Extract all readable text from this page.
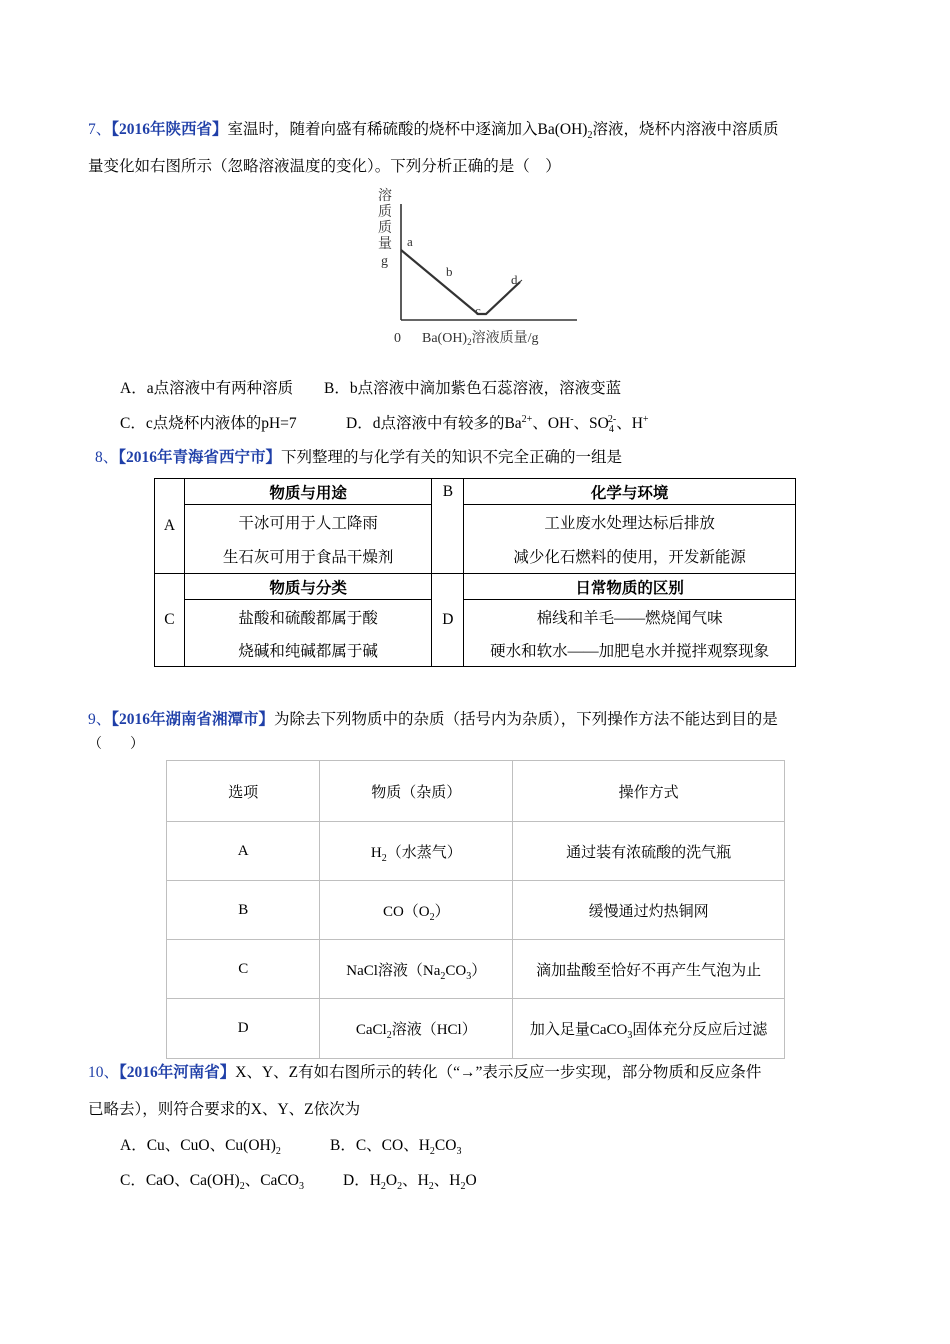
7、【2016年陕西省】室温时，随着向盛有稀硫酸的烧杯中逐滴加入$Ba(OH)_2$溶液，烧杯内溶液中溶质质
量变化如右图所示（忽略溶液温度的变化）。下列分析正确的是（　）
溶
质
质
量
g
a
b
c
d
0 $Ba(OH)_2$溶液质量/g
A．a点溶液中有两种溶质 B．b点溶液中滴加紫色石蕊溶液，溶液变蓝
C．c点烧杯内液体的pH=7	D．d点溶液中有较多的$Ba^{2+}$、OH-、$SO_4^{2-}$、H+
8、【2016年青海省西宁市】下列整理的与化学有关的知识不完全正确的一组是
A	物质与用途	B	化学与环境
	干冰可用于人工降雨		工业废水处理达标后排放
	生石灰可用于食品干燥剂		减少化石燃料的使用，开发新能源
C	物质与分类	D	日常物质的区别
	盐酸和硫酸都属于酸		棉线和羊毛——燃烧闻气味
	烧碱和纯碱都属于碱		硬水和软水——加肥皂水并搅拌观察现象
9、【2016年湖南省湘潭市】为除去下列物质中的杂质（括号内为杂质），下列操作方法不能达到目的是
（　　）
选项	物质（杂质）	操作方式
A	$H_2$（水蒸气）	通过装有浓硫酸的洗气瓶
B	$CO(O_2)$	缓慢通过灼热铜网
C	NaCl溶液$(Na_2CO_3)$	滴加盐酸至恰好不再产生气泡为止
D	CaCl$_2$溶液（HCl）	加入足量CaCO$_3$固体充分反应后过滤
10、【2016年河南省】X、Y、Z有如右图所示的转化（“→”表示反应一步实现，部分物质和反应条件
已略去），则符合要求的X、Y、Z依次为
A．Cu、CuO、$Cu(OH)_2$	B．C、CO、$H_2CO_3$
C．CaO、$Ca(OH)_2$、CaCO$_3$	D．$H_2O_2$、$H_2$、$H_2O$
